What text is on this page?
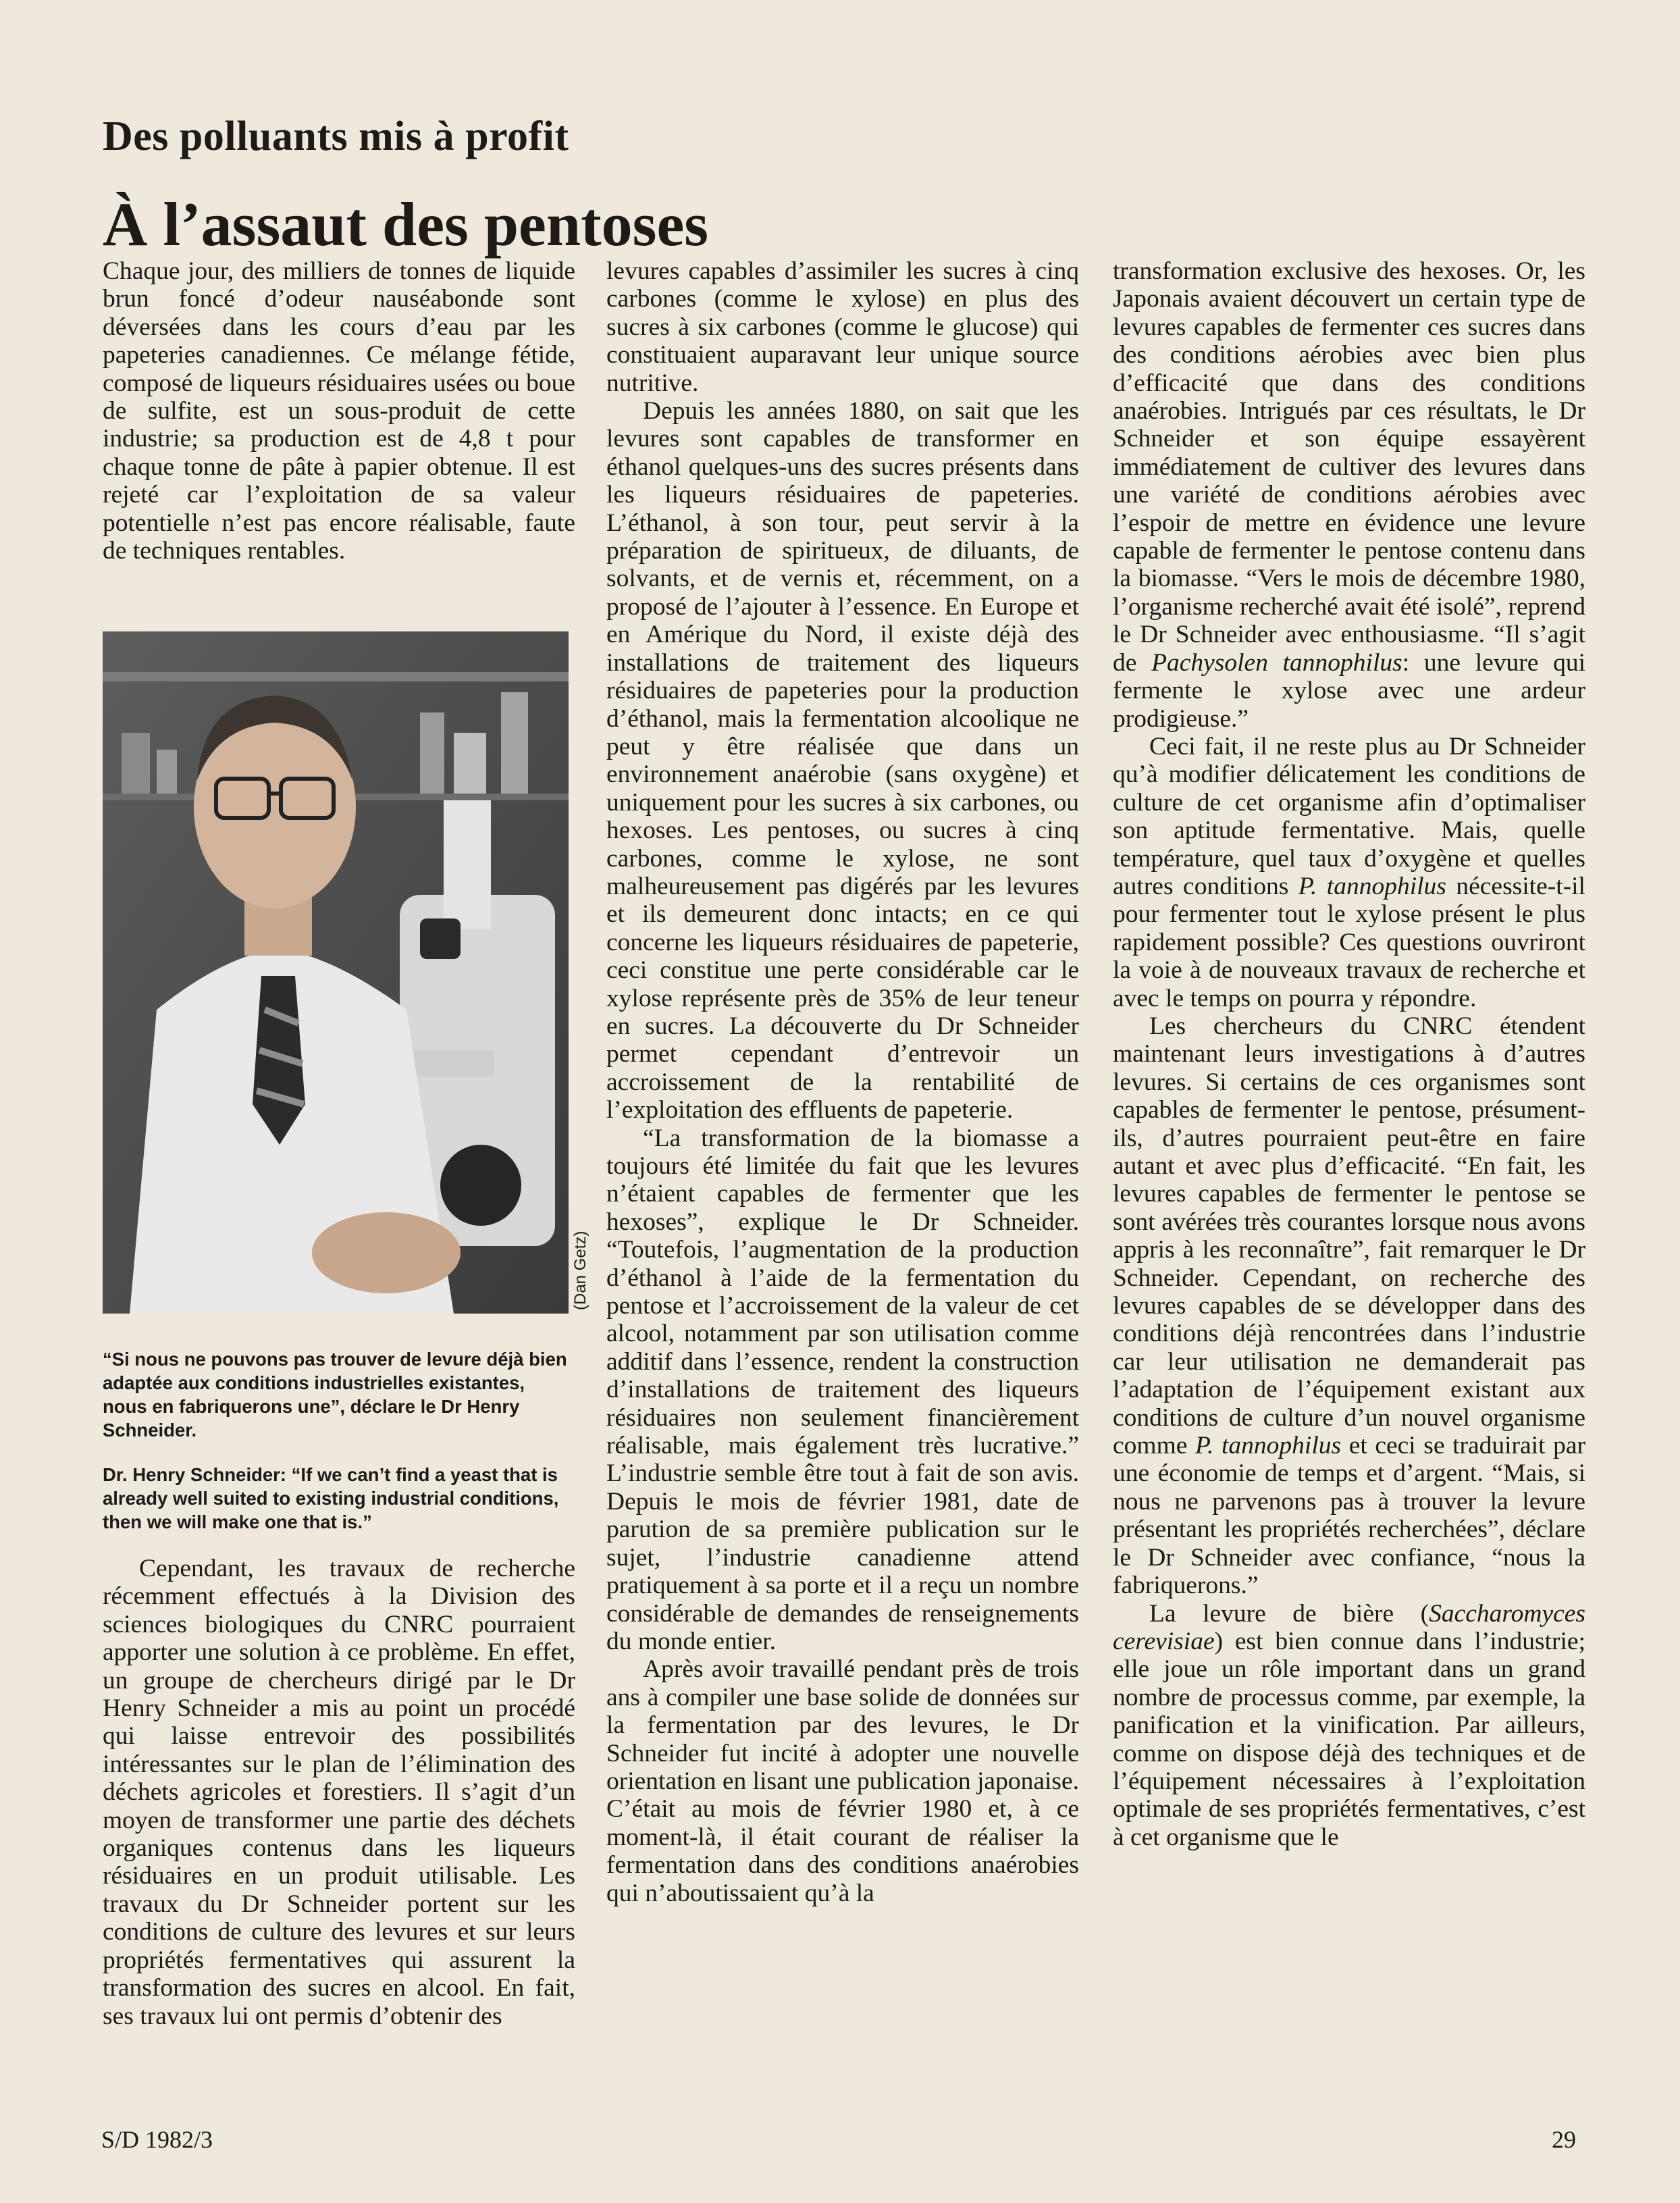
Des polluants mis à profit
À l’assaut des pentoses

Chaque jour, des milliers de tonnes de liquide brun foncé d’odeur nauséabonde sont déversées dans les cours d’eau par les papeteries canadiennes. Ce mélange fétide, composé de liqueurs résiduaires usées ou boue de sulfite, est un sous-produit de cette industrie; sa production est de 4,8 t pour chaque tonne de pâte à papier obtenue. Il est rejeté car l’exploitation de sa valeur potentielle n’est pas encore réalisable, faute de techniques rentables.

(Dan Getz)
“Si nous ne pouvons pas trouver de levure déjà bien adaptée aux conditions industrielles existantes, nous en fabriquerons une”, déclare le Dr Henry Schneider.
Dr. Henry Schneider: “If we can’t find a yeast that is already well suited to existing industrial conditions, then we will make one that is.”

Cependant, les travaux de recherche récemment effectués à la Division des sciences biologiques du CNRC pourraient apporter une solution à ce problème. En effet, un groupe de chercheurs dirigé par le Dr Henry Schneider a mis au point un procédé qui laisse entrevoir des possibilités intéressantes sur le plan de l’élimination des déchets agricoles et forestiers. Il s’agit d’un moyen de transformer une partie des déchets organiques contenus dans les liqueurs résiduaires en un produit utilisable. Les travaux du Dr Schneider portent sur les conditions de culture des levures et sur leurs propriétés fermentatives qui assurent la transformation des sucres en alcool. En fait, ses travaux lui ont permis d’obtenir des

levures capables d’assimiler les sucres à cinq carbones (comme le xylose) en plus des sucres à six carbones (comme le glucose) qui constituaient auparavant leur unique source nutritive.

Depuis les années 1880, on sait que les levures sont capables de transformer en éthanol quelques-uns des sucres présents dans les liqueurs résiduaires de papeteries. L’éthanol, à son tour, peut servir à la préparation de spiritueux, de diluants, de solvants, et de vernis et, récemment, on a proposé de l’ajouter à l’essence. En Europe et en Amérique du Nord, il existe déjà des installations de traitement des liqueurs résiduaires de papeteries pour la production d’éthanol, mais la fermentation alcoolique ne peut y être réalisée que dans un environnement anaérobie (sans oxygène) et uniquement pour les sucres à six carbones, ou hexoses. Les pentoses, ou sucres à cinq carbones, comme le xylose, ne sont malheureusement pas digérés par les levures et ils demeurent donc intacts; en ce qui concerne les liqueurs résiduaires de papeterie, ceci constitue une perte considérable car le xylose représente près de 35% de leur teneur en sucres. La découverte du Dr Schneider permet cependant d’entrevoir un accroissement de la rentabilité de l’exploitation des effluents de papeterie.

“La transformation de la biomasse a toujours été limitée du fait que les levures n’étaient capables de fermenter que les hexoses”, explique le Dr Schneider. “Toutefois, l’augmentation de la production d’éthanol à l’aide de la fermentation du pentose et l’accroissement de la valeur de cet alcool, notamment par son utilisation comme additif dans l’essence, rendent la construction d’installations de traitement des liqueurs résiduaires non seulement financièrement réalisable, mais également très lucrative.” L’industrie semble être tout à fait de son avis. Depuis le mois de février 1981, date de parution de sa première publication sur le sujet, l’industrie canadienne attend pratiquement à sa porte et il a reçu un nombre considérable de demandes de renseignements du monde entier.

Après avoir travaillé pendant près de trois ans à compiler une base solide de données sur la fermentation par des levures, le Dr Schneider fut incité à adopter une nouvelle orientation en lisant une publication japonaise. C’était au mois de février 1980 et, à ce moment-là, il était courant de réaliser la fermentation dans des conditions anaérobies qui n’aboutissaient qu’à la

transformation exclusive des hexoses. Or, les Japonais avaient découvert un certain type de levures capables de fermenter ces sucres dans des conditions aérobies avec bien plus d’efficacité que dans des conditions anaérobies. Intrigués par ces résultats, le Dr Schneider et son équipe essayèrent immédiatement de cultiver des levures dans une variété de conditions aérobies avec l’espoir de mettre en évidence une levure capable de fermenter le pentose contenu dans la biomasse. “Vers le mois de décembre 1980, l’organisme recherché avait été isolé”, reprend le Dr Schneider avec enthousiasme. “Il s’agit de Pachysolen tannophilus: une levure qui fermente le xylose avec une ardeur prodigieuse.”

Ceci fait, il ne reste plus au Dr Schneider qu’à modifier délicatement les conditions de culture de cet organisme afin d’optimaliser son aptitude fermentative. Mais, quelle température, quel taux d’oxygène et quelles autres conditions P. tannophilus nécessite-t-il pour fermenter tout le xylose présent le plus rapidement possible? Ces questions ouvriront la voie à de nouveaux travaux de recherche et avec le temps on pourra y répondre.

Les chercheurs du CNRC étendent maintenant leurs investigations à d’autres levures. Si certains de ces organismes sont capables de fermenter le pentose, présument-ils, d’autres pourraient peut-être en faire autant et avec plus d’efficacité. “En fait, les levures capables de fermenter le pentose se sont avérées très courantes lorsque nous avons appris à les reconnaître”, fait remarquer le Dr Schneider. Cependant, on recherche des levures capables de se développer dans des conditions déjà rencontrées dans l’industrie car leur utilisation ne demanderait pas l’adaptation de l’équipement existant aux conditions de culture d’un nouvel organisme comme P. tannophilus et ceci se traduirait par une économie de temps et d’argent. “Mais, si nous ne parvenons pas à trouver la levure présentant les propriétés recherchées”, déclare le Dr Schneider avec confiance, “nous la fabriquerons.”

La levure de bière (Saccharomyces cerevisiae) est bien connue dans l’industrie; elle joue un rôle important dans un grand nombre de processus comme, par exemple, la panification et la vinification. Par ailleurs, comme on dispose déjà des techniques et de l’équipement nécessaires à l’exploitation optimale de ses propriétés fermentatives, c’est à cet organisme que le

S/D 1982/3	29
